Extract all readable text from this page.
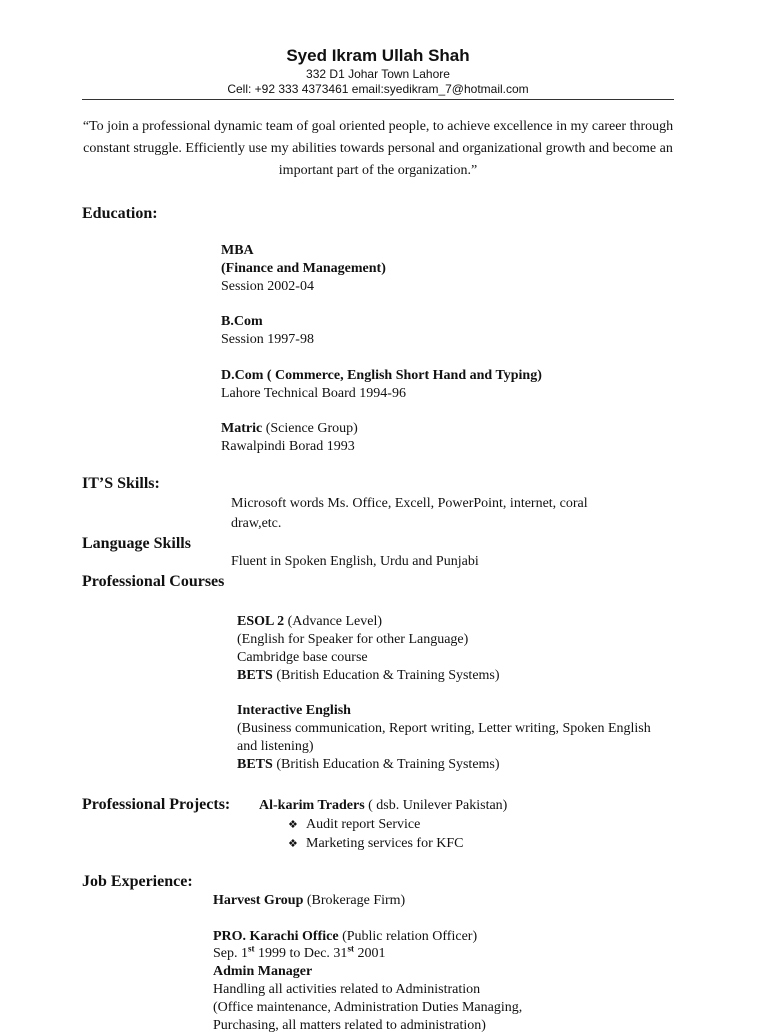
Syed Ikram Ullah Shah
332 D1 Johar Town Lahore
Cell: +92 333 4373461 email:syedikram_7@hotmail.com
“To join a professional dynamic team of goal oriented people, to achieve excellence in my career through constant struggle. Efficiently use my abilities towards personal and organizational growth and become an important part of the organization.”
Education:
MBA
(Finance and Management)
Session 2002-04
B.Com
Session 1997-98
D.Com ( Commerce, English Short Hand and Typing)
Lahore Technical Board 1994-96
Matric (Science Group)
Rawalpindi Borad 1993
IT’S Skills:
Microsoft words Ms. Office, Excell, PowerPoint, internet, coral draw,etc.
Language Skills
Fluent in Spoken English, Urdu and Punjabi
Professional Courses
ESOL 2 (Advance Level)
(English for Speaker for other Language)
Cambridge base course
BETS (British Education & Training Systems)
Interactive English
(Business communication, Report writing, Letter writing, Spoken English and listening)
BETS (British Education & Training Systems)
Professional Projects: Al-karim Traders ( dsb. Unilever Pakistan)
❖ Audit report Service
❖ Marketing services for KFC
Job Experience:
Harvest Group (Brokerage Firm)
PRO. Karachi Office (Public relation Officer)
Sep. 1st 1999 to Dec. 31st 2001
Admin Manager
Handling all activities related to Administration
(Office maintenance, Administration Duties Managing,
Purchasing, all matters related to administration)
